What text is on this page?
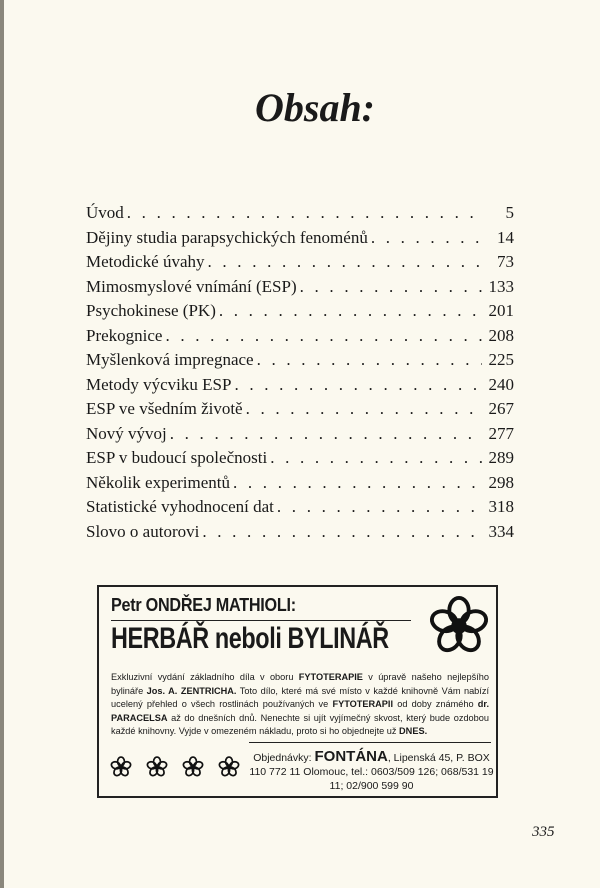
Obsah:
Úvod . . .	5
Dějiny studia parapsychických fenoménů . . .	14
Metodické úvahy . . .	73
Mimosmyslové vnímání (ESP) . . .	133
Psychokinese (PK) . . .	201
Prekognice . . .	208
Myšlenková impregnace . . .	225
Metody výcviku ESP . . .	240
ESP ve všedním životě . . .	267
Nový vývoj . . .	277
ESP v budoucí společnosti . . .	289
Několik experimentů . . .	298
Statistické vyhodnocení dat . . .	318
Slovo o autorovi . . .	334
Petr ONDŘEJ MATHIOLI:
HERBÁŘ neboli BYLINÁŘ
Exkluzivní vydání základního díla v oboru FYTOTERAPIE v úpravě našeho nejlepšího bylináře Jos. A. ZENTRICHA. Toto dílo, které má své místo v každé knihovně Vám nabízí ucelený přehled o všech rostlinách používaných ve FYTOTERAPII od doby známého dr. PARACELSA až do dnešních dnů. Nenechte si ujít vyjímečný skvost, který bude ozdobou každé knihovny. Vyjde v omezeném nákladu, proto si ho objednejte už DNES.
Objednávky: FONTÁNA, Lipenská 45, P. BOX 110 772 11 Olomouc, tel.: 0603/509 126; 068/531 19 11; 02/900 599 90
335
